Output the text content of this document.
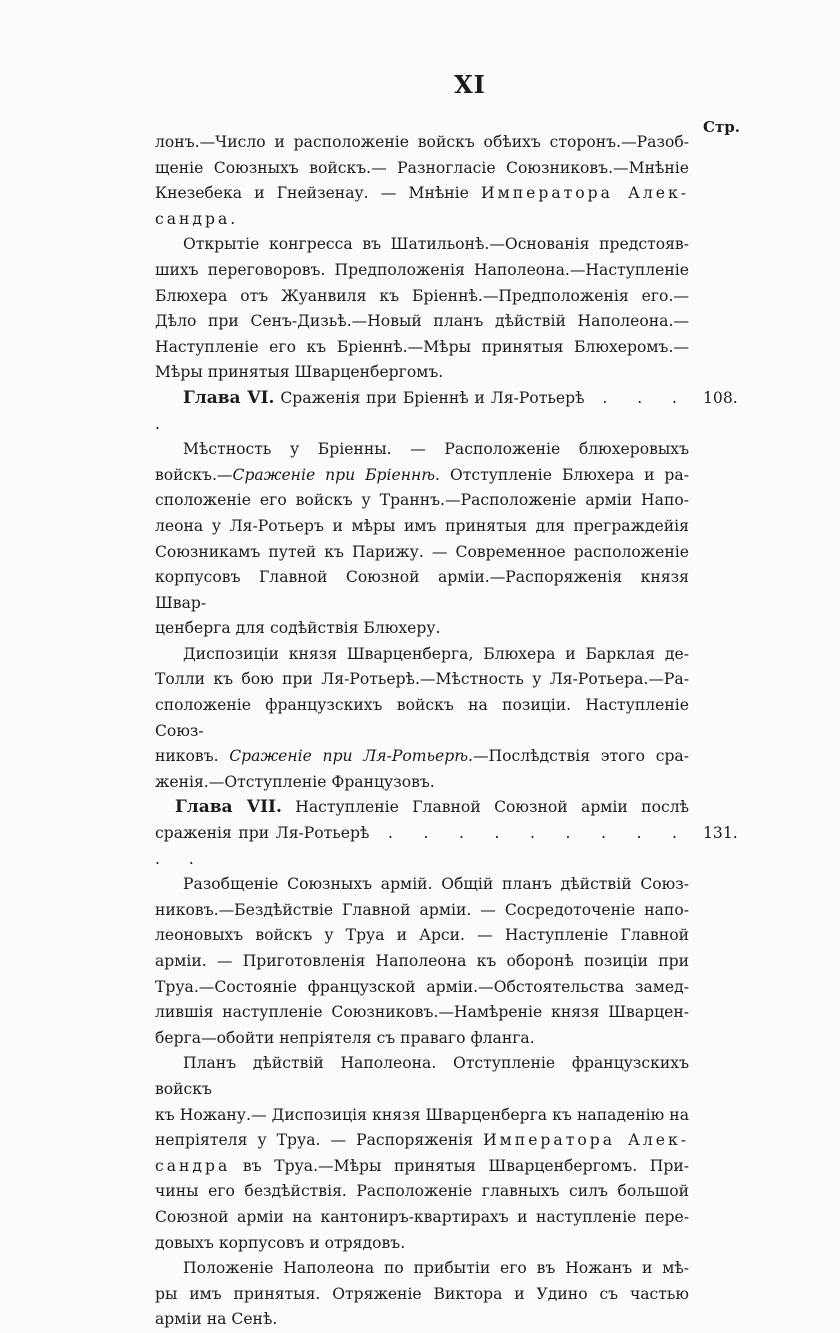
XI
Стр.

лонъ.—Число и расположеніе войскъ обѣихъ сторонъ.—Разоб-

щеніе Союзныхъ войскъ.— Разногласіе Союзниковъ.—Мнѣніе

Кнезебека и Гнейзенау. — Мнѣніе Императора Алек-

сандра.

Открытіе конгресса въ Шатильонѣ.—Основанія предстояв-

шихъ переговоровъ. Предположенія Наполеона.—Наступленіе

Блюхера отъ Жуанвиля къ Бріеннѣ.—Предположенія его.—

Дѣло при Сенъ-Дизьѣ.—Новый планъ дѣйствій Наполеона.—

Наступленіе его къ Бріеннѣ.—Мѣры принятыя Блюхеромъ.—

Мѣры принятыя Шварценбергомъ.

Глава VI. Сраженія при Бріеннѣ и Ля-Ротьерѣ . . . .
108.

Мѣстность у Бріенны. — Расположеніе блюхеровыхъ

войскъ.—Сраженіе при Бріеннѣ. Отступленіе Блюхера и ра-

сположеніе его войскъ у Траннъ.—Расположеніе арміи Напо-

леона у Ля-Ротьеръ и мѣры имъ принятыя для преграждейія

Союзникамъ путей къ Парижу. — Современное расположеніе

корпусовъ Главной Союзной арміи.—Распоряженія князя Швар-

ценберга для содѣйствія Блюхеру.

Диспозиціи князя Шварценберга, Блюхера и Барклая де-

Толли къ бою при Ля-Ротьерѣ.—Мѣстность у Ля-Ротьера.—Ра-

сположеніе французскихъ войскъ на позиціи. Наступленіе Союз-

никовъ. Сраженіе при Ля-Ротьерѣ.—Послѣдствія этого сра-

женія.—Отступленіе Французовъ.

Глава VII. Наступленіе Главной Союзной арміи послѣ
сраженія при Ля-Ротьерѣ . . . . . . . . . . .
131.

Разобщеніе Союзныхъ армій. Общій планъ дѣйствій Союз-

никовъ.—Бездѣйствіе Главной арміи. — Сосредоточеніе напо-

леоновыхъ войскъ у Труа и Арси. — Наступленіе Главной

арміи. — Приготовленія Наполеона къ оборонѣ позиціи при

Труа.—Состояніе французской арміи.—Обстоятельства замед-

лившія наступленіе Союзниковъ.—Намѣреніе князя Шварцен-

берга—обойти непріятеля съ праваго фланга.

Планъ дѣйствій Наполеона. Отступленіе французскихъ войскъ

къ Ножану.— Диспозиція князя Шварценберга къ нападенію на

непріятеля у Труа. — Распоряженія Императора Алек-

сандра въ Труа.—Мѣры принятыя Шварценбергомъ. При-

чины его бездѣйствія. Расположеніе главныхъ силъ большой

Союзной арміи на кантониръ-квартирахъ и наступленіе пере-

довыхъ корпусовъ и отрядовъ.

Положеніе Наполеона по прибытіи его въ Ножанъ и мѣ-

ры имъ принятыя. Отряженіе Виктора и Удино съ частью

арміи на Сенѣ.
